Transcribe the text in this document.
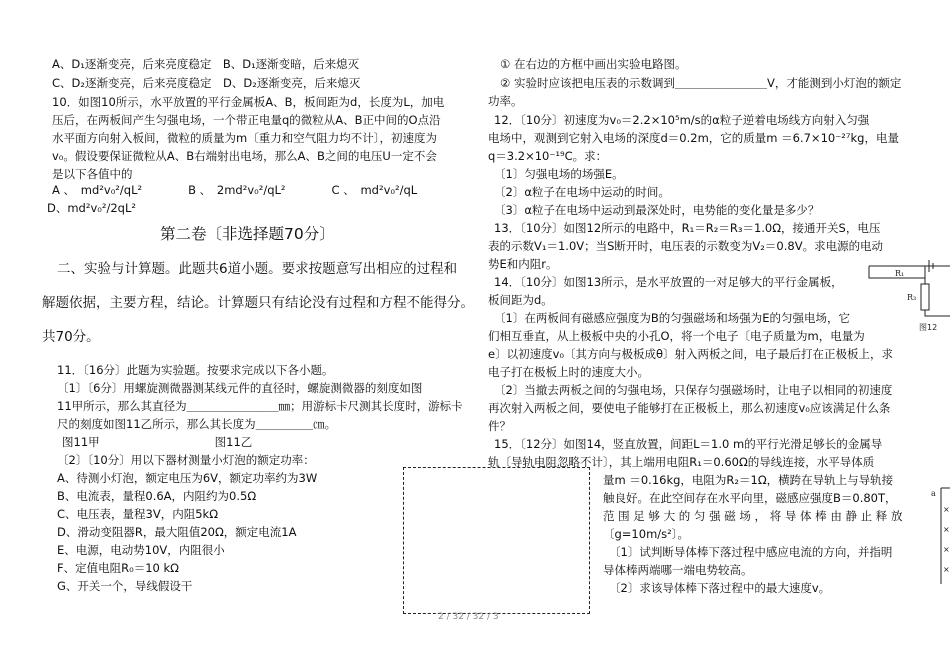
A、D₁逐渐变亮，后来亮度稳定　B、D₁逐渐变暗，后来熄灭
C、D₂逐渐变亮，后来亮度稳定　D、D₂逐渐变亮，后来熄灭
10．如图10所示，水平放置的平行金属板A、B，板间距为d，长度为L，加电
压后，在两板间产生匀强电场，一个带正电量q的微粒从A、B正中间的O点沿
水平面方向射入板间，微粒的质量为m〔重力和空气阻力均不计〕，初速度为
v₀。假设要保证微粒从A、B右端射出电场，那么A、B之间的电压U一定不会
是以下各值中的
A 、　md²v₀²/qL²　　　　B 、　2md²v₀²/qL²　　　　C 、　md²v₀²/qL
D、md²v₀²/2qL²
第二卷〔非选择题70分〕
二、实验与计算题。此题共6道小题。要求按题意写出相应的过程和
解题依据，主要方程，结论。计算题只有结论没有过程和方程不能得分。
共70分。
11．〔16分〕此题为实验题。按要求完成以下各小题。
〔1〕〔6分〕用螺旋测微器测某线元件的直径时，螺旋测微器的刻度如图
11甲所示，那么其直径为＿＿＿＿＿＿＿＿㎜；用游标卡尺测其长度时，游标卡
尺的刻度如图11乙所示，那么其长度为＿＿＿＿＿㎝。
图11甲　　　　　　　　　　图11乙
〔2〕〔10分〕用以下器材测量小灯泡的额定功率：
A、待测小灯泡，额定电压为6V，额定功率约为3W
B、电流表，量程0.6A，内阻约为0.5Ω
C、电压表，量程3V，内阻5kΩ
D、滑动变阻器R，最大阻值20Ω，额定电流1A
E、电源，电动势10V，内阻很小
F、定值电阻R₀＝10 kΩ
G、开关一个，导线假设干
2 / 32 / 32 / 3
① 在右边的方框中画出实验电路图。
② 实验时应该把电压表的示数调到＿＿＿＿＿＿＿＿V，才能测到小灯泡的额定
功率。
12．〔10分〕初速度为v₀＝2.2×10⁵m/s的α粒子逆着电场线方向射入匀强
电场中，观测到它射入电场的深度d＝0.2m，它的质量m ＝6.7×10⁻²⁷kg，电量
q＝3.2×10⁻¹⁹C。求：
〔1〕匀强电场的场强E。
〔2〕α粒子在电场中运动的时间。
〔3〕α粒子在电场中运动到最深处时，电势能的变化量是多少？
13．〔10分〕如图12所示的电路中，R₁＝R₂＝R₃＝1.0Ω，接通开关S，电压
表的示数V₁＝1.0V；当S断开时，电压表的示数变为V₂＝0.8V。求电源的电动
势E和内阻r。
14．〔10分〕如图13所示，是水平放置的一对足够大的平行金属板，
板间距为d。
〔1〕在两板间有磁感应强度为B的匀强磁场和场强为E的匀强电场，它
们相互垂直，从上极板中央的小孔O，将一个电子〔电子质量为m，电量为
e〕以初速度v₀〔其方向与极板成θ〕射入两板之间，电子最后打在正极板上，求
电子打在极板上时的速度大小。
〔2〕当撤去两板之间的匀强电场，只保存匀强磁场时，让电子以相同的初速度
再次射入两板之间，要使电子能够打在正极板上，那么初速度v₀应该满足什么条
件？
15．〔12分〕如图14，竖直放置，间距L＝1.0 m的平行光滑足够长的金属导
轨〔导轨电阻忽略不计〕，其上端用电阻R₁＝0.60Ω的导线连接，水平导体质
量m ＝0.16kg，电阻为R₂＝1Ω，横跨在导轨上与导轨接
触良好。在此空间存在水平向里，磁感应强度B＝0.80T，
范 围 足 够 大 的 匀 强 磁 场 ， 将 导 体 棒 由 静 止 释 放
〔g=10m/s²〕。
〔1〕试判断导体棒下落过程中感应电流的方向，并指明
导体棒两端哪一端电势较高。
〔2〕求该导体棒下落过程中的最大速度v。
R₁
R₃
图12
a
×
×
×
×
